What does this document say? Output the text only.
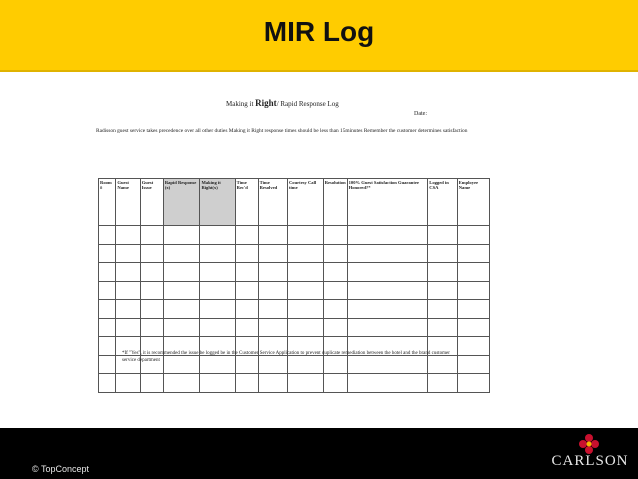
MIR Log
Making it Right/ Rapid Response Log
Date:
Radisson guest service takes precedence over all other duties Making it Right response times should be less than 15minutes Remember the customer determines satisfaction
Room #	Guest Name	Guest Issue	Rapid Response (x)	Making it Right(x)	Time Rec'd	Time Resolved	Courtesy Call time	Resolution	100% Guest Satisfaction Guarantee Honored?*	Logged in CSA	Employee Name

*If "Yes", it is recommended the issue be logged be in the Customer Service Application to prevent duplicate remediation between the hotel and the brand customer service department
© TopConcept	CARLSON
